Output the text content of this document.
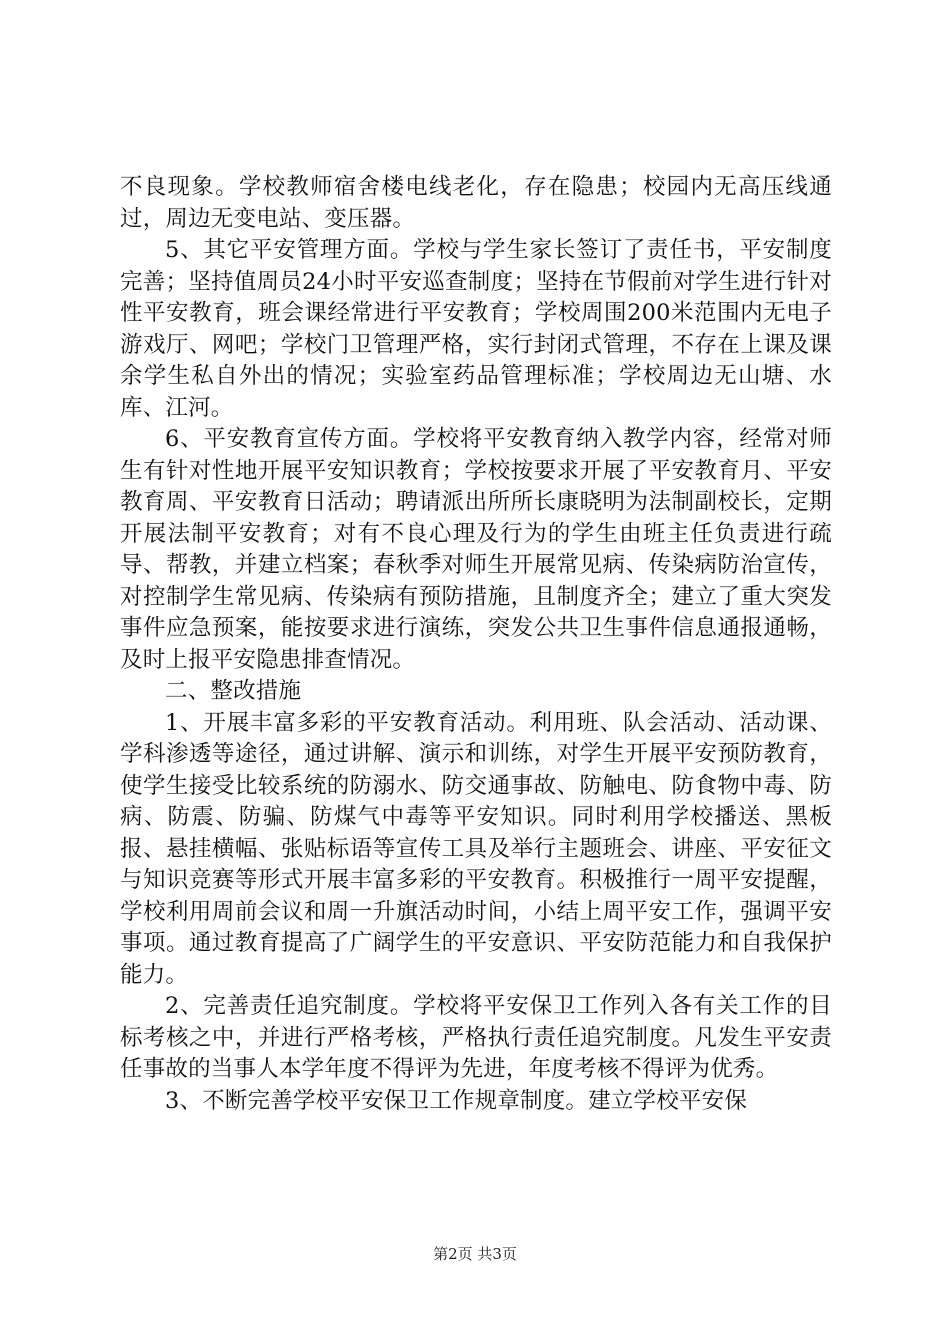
不良现象。学校教师宿舍楼电线老化，存在隐患；校园内无高压线通过，周边无变电站、变压器。

5、其它平安管理方面。学校与学生家长签订了责任书，平安制度完善；坚持值周员24小时平安巡查制度；坚持在节假前对学生进行针对性平安教育，班会课经常进行平安教育；学校周围200米范围内无电子游戏厅、网吧；学校门卫管理严格，实行封闭式管理，不存在上课及课余学生私自外出的情况；实验室药品管理标准；学校周边无山塘、水库、江河。

6、平安教育宣传方面。学校将平安教育纳入教学内容，经常对师生有针对性地开展平安知识教育；学校按要求开展了平安教育月、平安教育周、平安教育日活动；聘请派出所所长康晓明为法制副校长，定期开展法制平安教育；对有不良心理及行为的学生由班主任负责进行疏导、帮教，并建立档案；春秋季对师生开展常见病、传染病防治宣传，对控制学生常见病、传染病有预防措施，且制度齐全；建立了重大突发事件应急预案，能按要求进行演练，突发公共卫生事件信息通报通畅，及时上报平安隐患排查情况。

二、整改措施

1、开展丰富多彩的平安教育活动。利用班、队会活动、活动课、学科渗透等途径，通过讲解、演示和训练，对学生开展平安预防教育，使学生接受比较系统的防溺水、防交通事故、防触电、防食物中毒、防病、防震、防骗、防煤气中毒等平安知识。同时利用学校播送、黑板报、悬挂横幅、张贴标语等宣传工具及举行主题班会、讲座、平安征文与知识竞赛等形式开展丰富多彩的平安教育。积极推行一周平安提醒，学校利用周前会议和周一升旗活动时间，小结上周平安工作，强调平安事项。通过教育提高了广阔学生的平安意识、平安防范能力和自我保护能力。

2、完善责任追究制度。学校将平安保卫工作列入各有关工作的目标考核之中，并进行严格考核，严格执行责任追究制度。凡发生平安责任事故的当事人本学年度不得评为先进，年度考核不得评为优秀。

3、不断完善学校平安保卫工作规章制度。建立学校平安保

第2页 共3页
